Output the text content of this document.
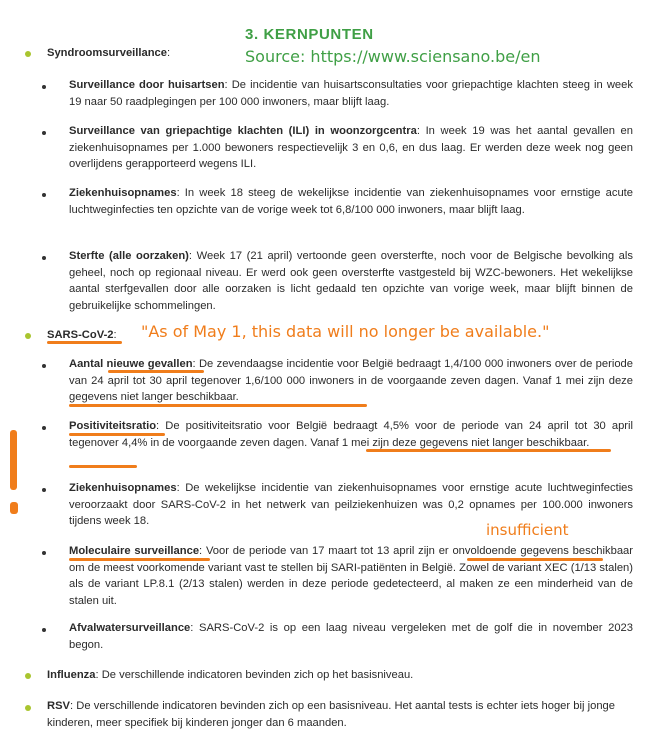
3. KERNPUNTEN
Source: https://www.sciensano.be/en
Syndroomsurveillance:
Surveillance door huisartsen: De incidentie van huisartsconsultaties voor griepachtige klachten steeg in week 19 naar 50 raadplegingen per 100 000 inwoners, maar blijft laag.
Surveillance van griepachtige klachten (ILI) in woonzorgcentra: In week 19 was het aantal gevallen en ziekenhuisopnames per 1.000 bewoners respectievelijk 3 en 0,6, en dus laag. Er werden deze week nog geen overlijdens gerapporteerd wegens ILI.
Ziekenhuisopnames: In week 18 steeg de wekelijkse incidentie van ziekenhuisopnames voor ernstige acute luchtweginfecties ten opzichte van de vorige week tot 6,8/100 000 inwoners, maar blijft laag.
Sterfte (alle oorzaken): Week 17 (21 april) vertoonde geen oversterfte, noch voor de Belgische bevolking als geheel, noch op regionaal niveau. Er werd ook geen oversterfte vastgesteld bij WZC-bewoners. Het wekelijkse aantal sterfgevallen door alle oorzaken is licht gedaald ten opzichte van vorige week, maar blijft binnen de gebruikelijke schommelingen.
SARS-CoV-2: "As of May 1, this data will no longer be available."
Aantal nieuwe gevallen: De zevendaagse incidentie voor België bedraagt 1,4/100 000 inwoners over de periode van 24 april tot 30 april tegenover 1,6/100 000 inwoners in de voorgaande zeven dagen. Vanaf 1 mei zijn deze gegevens niet langer beschikbaar.
Positiviteitsratio: De positiviteitsratio voor België bedraagt 4,5% voor de periode van 24 april tot 30 april tegenover 4,4% in de voorgaande zeven dagen. Vanaf 1 mei zijn deze gegevens niet langer beschikbaar.
Ziekenhuisopnames: De wekelijkse incidentie van ziekenhuisopnames voor ernstige acute luchtweginfecties veroorzaakt door SARS-CoV-2 in het netwerk van peilziekenhuizen was 0,2 opnames per 100.000 inwoners tijdens week 18.	insufficient
Moleculaire surveillance: Voor de periode van 17 maart tot 13 april zijn er onvoldoende gegevens beschikbaar om de meest voorkomende variant vast te stellen bij SARI-patiënten in België. Zowel de variant XEC (1/13 stalen) als de variant LP.8.1 (2/13 stalen) werden in deze periode gedetecteerd, al maken ze een minderheid van de stalen uit.
Afvalwatersurveillance: SARS-CoV-2 is op een laag niveau vergeleken met de golf die in november 2023 begon.
Influenza: De verschillende indicatoren bevinden zich op het basisniveau.
RSV: De verschillende indicatoren bevinden zich op een basisniveau. Het aantal tests is echter iets hoger bij jonge kinderen, meer specifiek bij kinderen jonger dan 6 maanden.
